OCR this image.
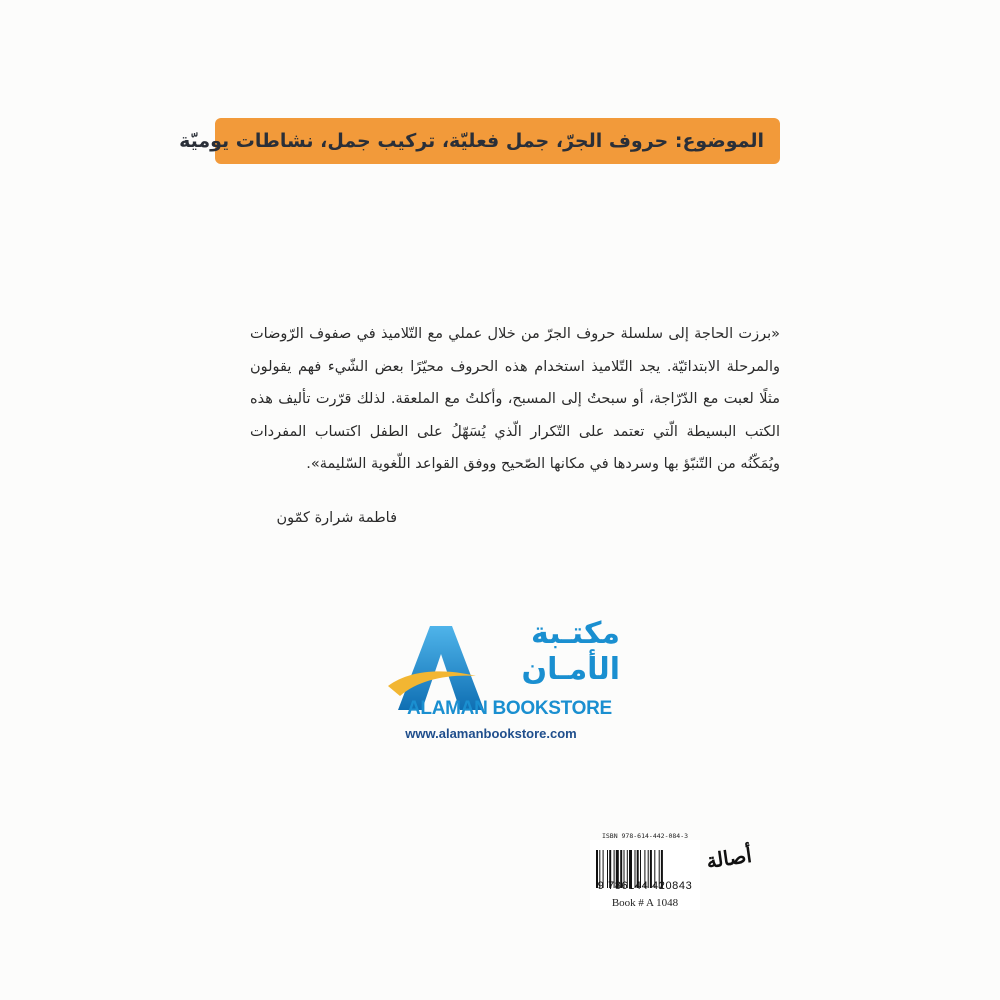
الموضوع: حروف الجرّ، جمل فعليّة، تركيب جمل، نشاطات يوميّة

«برزت الحاجة إلى سلسلة حروف الجرّ من خلال عملي مع التّلاميذ في صفوف الرّوضات والمرحلة الابتدائيّة. يجد التّلاميذ استخدام هذه الحروف محيّرًا بعض الشّيء فهم يقولون مثلًا لعبت مع الدّرّاجة، أو سبحتُ إلى المسبح، وأكلتُ مع الملعقة. لذلك قرّرت تأليف هذه الكتب البسيطة الّتي تعتمد على التّكرار الّذي يُسَهّلُ على الطفل اكتساب المفردات ويُمَكّنُه من التّنبّؤ بها وسردها في مكانها الصّحيح ووفق القواعد اللّغوية السّليمة».

فاطمة شرارة كمّون
مكتـبة
الأمـان
ALAMAN BOOKSTORE
www.alamanbookstore.com
ISBN 978-614-442-084-3
9 786144 420843
Book # A 1048
أصالة
